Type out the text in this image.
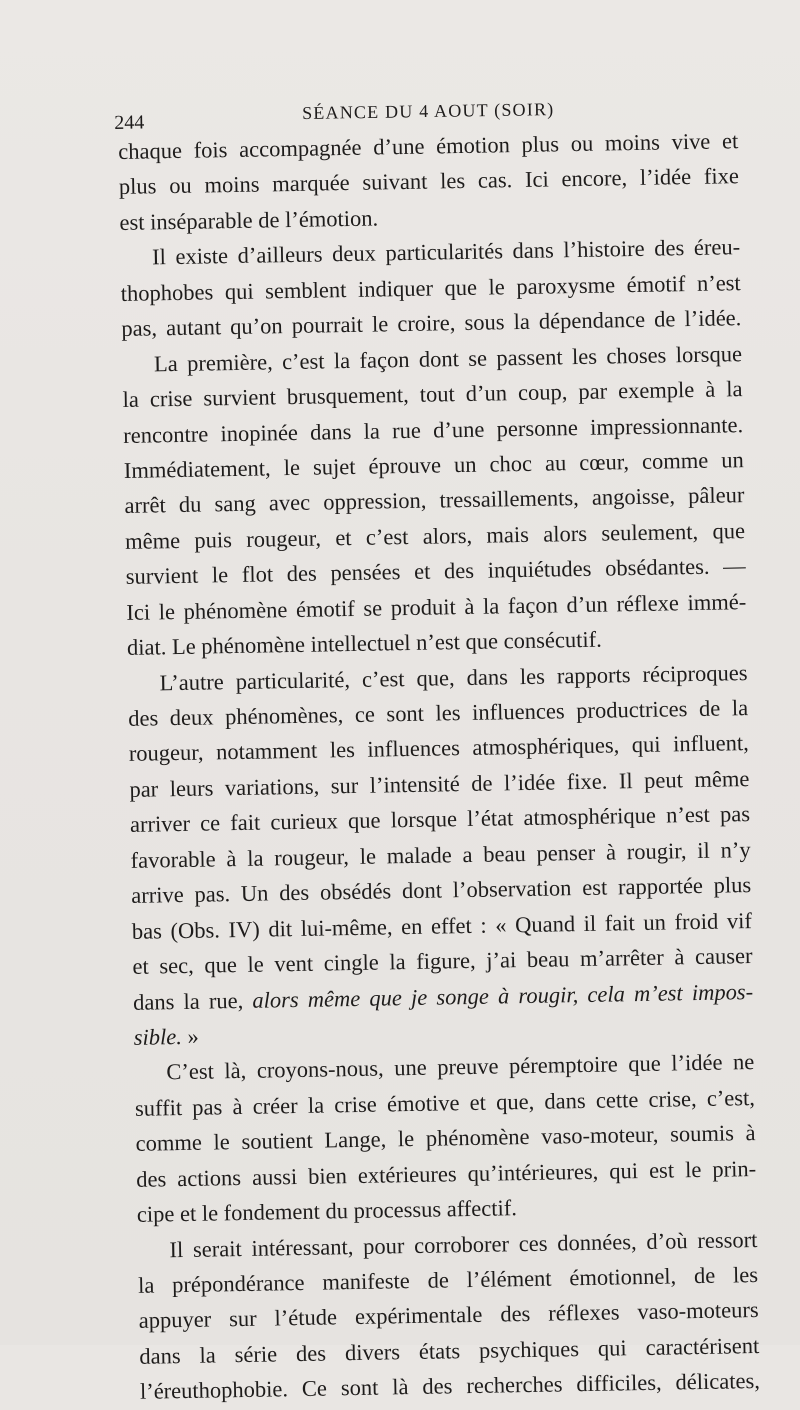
244	SÉANCE DU 4 AOUT (SOIR)
chaque fois accompagnée d’une émotion plus ou moins vive et
plus ou moins marquée suivant les cas. Ici encore, l’idée fixe
est inséparable de l’émotion.
Il existe d’ailleurs deux particularités dans l’histoire des éreu-
thophobes qui semblent indiquer que le paroxysme émotif n’est
pas, autant qu’on pourrait le croire, sous la dépendance de l’idée.
La première, c’est la façon dont se passent les choses lorsque
la crise survient brusquement, tout d’un coup, par exemple à la
rencontre inopinée dans la rue d’une personne impressionnante.
Immédiatement, le sujet éprouve un choc au cœur, comme un
arrêt du sang avec oppression, tressaillements, angoisse, pâleur
même puis rougeur, et c’est alors, mais alors seulement, que
survient le flot des pensées et des inquiétudes obsédantes. —
Ici le phénomène émotif se produit à la façon d’un réflexe immé-
diat. Le phénomène intellectuel n’est que consécutif.
L’autre particularité, c’est que, dans les rapports réciproques
des deux phénomènes, ce sont les influences productrices de la
rougeur, notamment les influences atmosphériques, qui influent,
par leurs variations, sur l’intensité de l’idée fixe. Il peut même
arriver ce fait curieux que lorsque l’état atmosphérique n’est pas
favorable à la rougeur, le malade a beau penser à rougir, il n’y
arrive pas. Un des obsédés dont l’observation est rapportée plus
bas (Obs. IV) dit lui-même, en effet : « Quand il fait un froid vif
et sec, que le vent cingle la figure, j’ai beau m’arrêter à causer
dans la rue, alors même que je songe à rougir, cela m’est impos-
sible. »
C’est là, croyons-nous, une preuve péremptoire que l’idée ne
suffit pas à créer la crise émotive et que, dans cette crise, c’est,
comme le soutient Lange, le phénomène vaso-moteur, soumis à
des actions aussi bien extérieures qu’intérieures, qui est le prin-
cipe et le fondement du processus affectif.
Il serait intéressant, pour corroborer ces données, d’où ressort
la prépondérance manifeste de l’élément émotionnel, de les
appuyer sur l’étude expérimentale des réflexes vaso-moteurs
dans la série des divers états psychiques qui caractérisent
l’éreuthophobie. Ce sont là des recherches difficiles, délicates,
